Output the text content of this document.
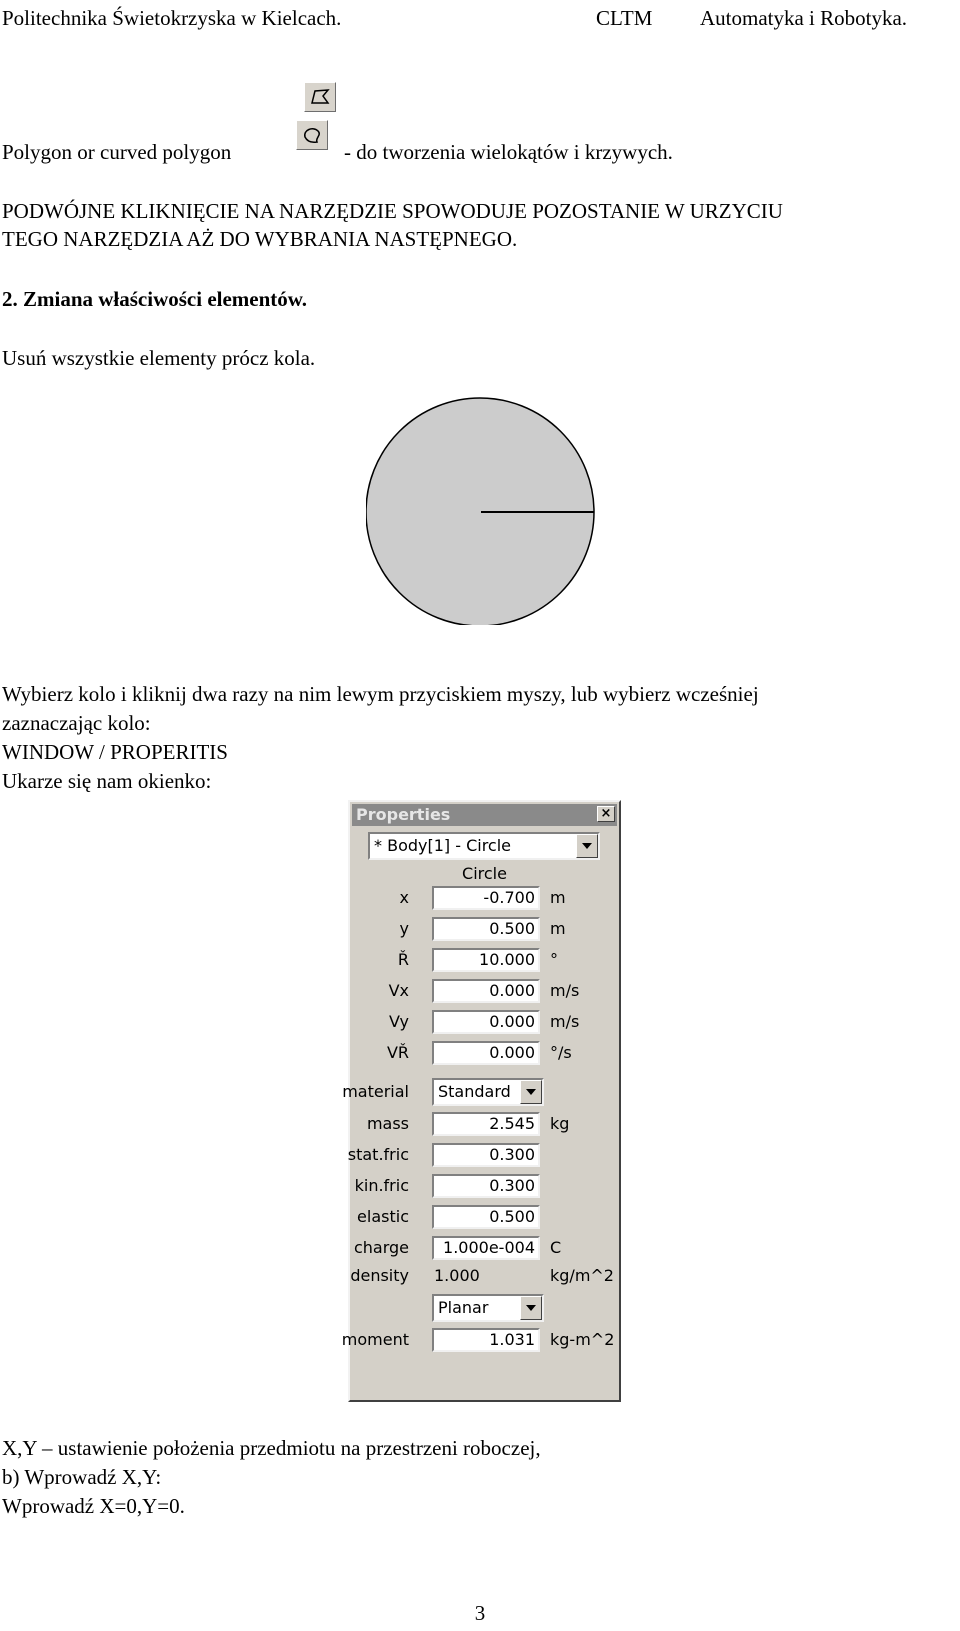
Politechnika Świetokrzyska w Kielcach.	CLTM Automatyka i Robotyka.
Polygon or curved polygon	- do tworzenia wielokątów i krzywych.
PODWÓJNE KLIKNIĘCIE NA NARZĘDZIE SPOWODUJE POZOSTANIE W URZYCIU
TEGO NARZĘDZIA AŻ DO WYBRANIA NASTĘPNEGO.
2. Zmiana właściwości elementów.
Usuń wszystkie elementy prócz kola.
Wybierz kolo i kliknij dwa razy na nim lewym przyciskiem myszy, lub wybierz wcześniej
zaznaczając kolo:
WINDOW / PROPERITIS
Ukarze się nam okienko:
Properties	×
* Body[1] - Circle
Circle
x	-0.700 m
y	0.500 m
Ř	10.000 °
Vx	0.000 m/s
Vy	0.000 m/s
VŘ	0.000 °/s
material Standard
mass	2.545 kg
stat.fric	0.300
kin.fric	0.300
elastic	0.500
charge	1.000e-004 C
density 1.000	kg/m^2
Planar
moment	1.031 kg-m^2
X,Y – ustawienie położenia przedmiotu na przestrzeni roboczej,
b) Wprowadź X,Y:
Wprowadź X=0,Y=0.
3
